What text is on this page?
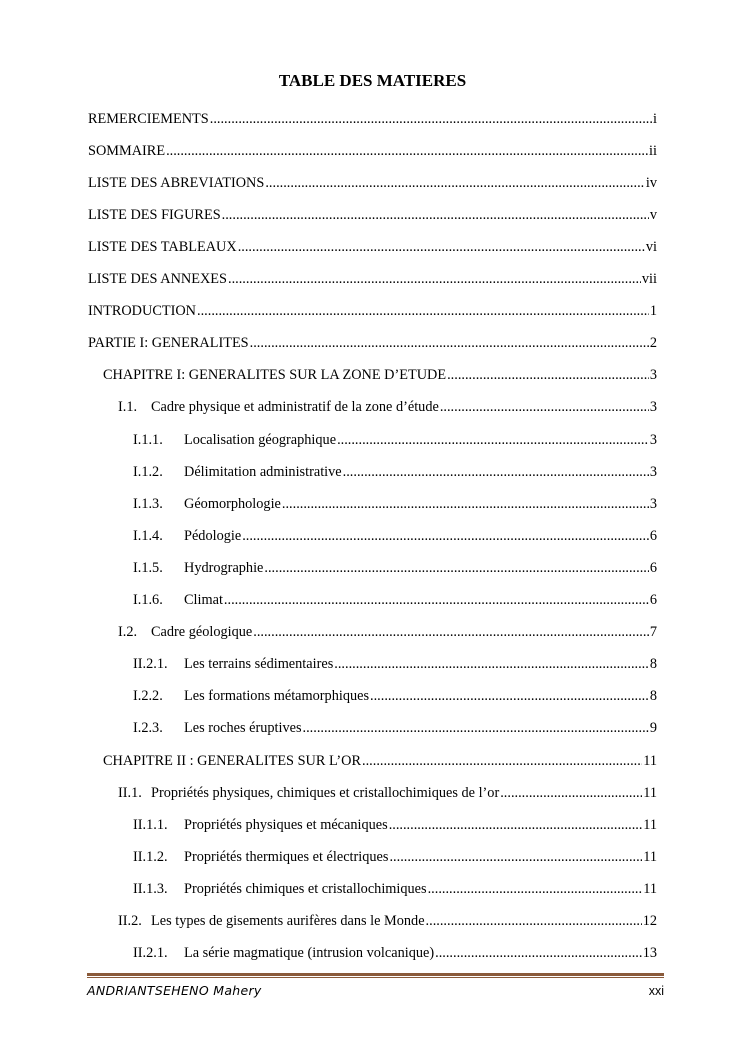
TABLE DES MATIERES
REMERCIEMENTS .....	i
SOMMAIRE .....	ii
LISTE DES ABREVIATIONS .....	iv
LISTE DES FIGURES .....	v
LISTE DES TABLEAUX .....	vi
LISTE DES ANNEXES .....	vii
INTRODUCTION .....	1
PARTIE I: GENERALITES .....	2
CHAPITRE I: GENERALITES SUR LA ZONE D’ETUDE .....	3
I.1. Cadre physique et administratif de la zone d’étude .....	3
I.1.1.	Localisation géographique .....	3
I.1.2.	Délimitation administrative .....	3
I.1.3.	Géomorphologie .....	3
I.1.4.	Pédologie .....	6
I.1.5.	Hydrographie .....	6
I.1.6.	Climat .....	6
I.2. Cadre géologique .....	7
II.2.1.	Les terrains sédimentaires .....	8
I.2.2.	Les formations métamorphiques .....	8
I.2.3.	Les roches éruptives .....	9
CHAPITRE II : GENERALITES SUR L’OR .....	11
II.1. Propriétés physiques, chimiques et cristallochimiques de l’or .....	11
II.1.1.	Propriétés physiques et mécaniques .....	11
II.1.2.	Propriétés thermiques et électriques .....	11
II.1.3.	Propriétés chimiques et cristallochimiques .....	11
II.2. Les types de gisements aurifères dans le Monde .....	12
II.2.1.	La série magmatique (intrusion volcanique) .....	13
ANDRIANTSEHENO Mahery	xxi
